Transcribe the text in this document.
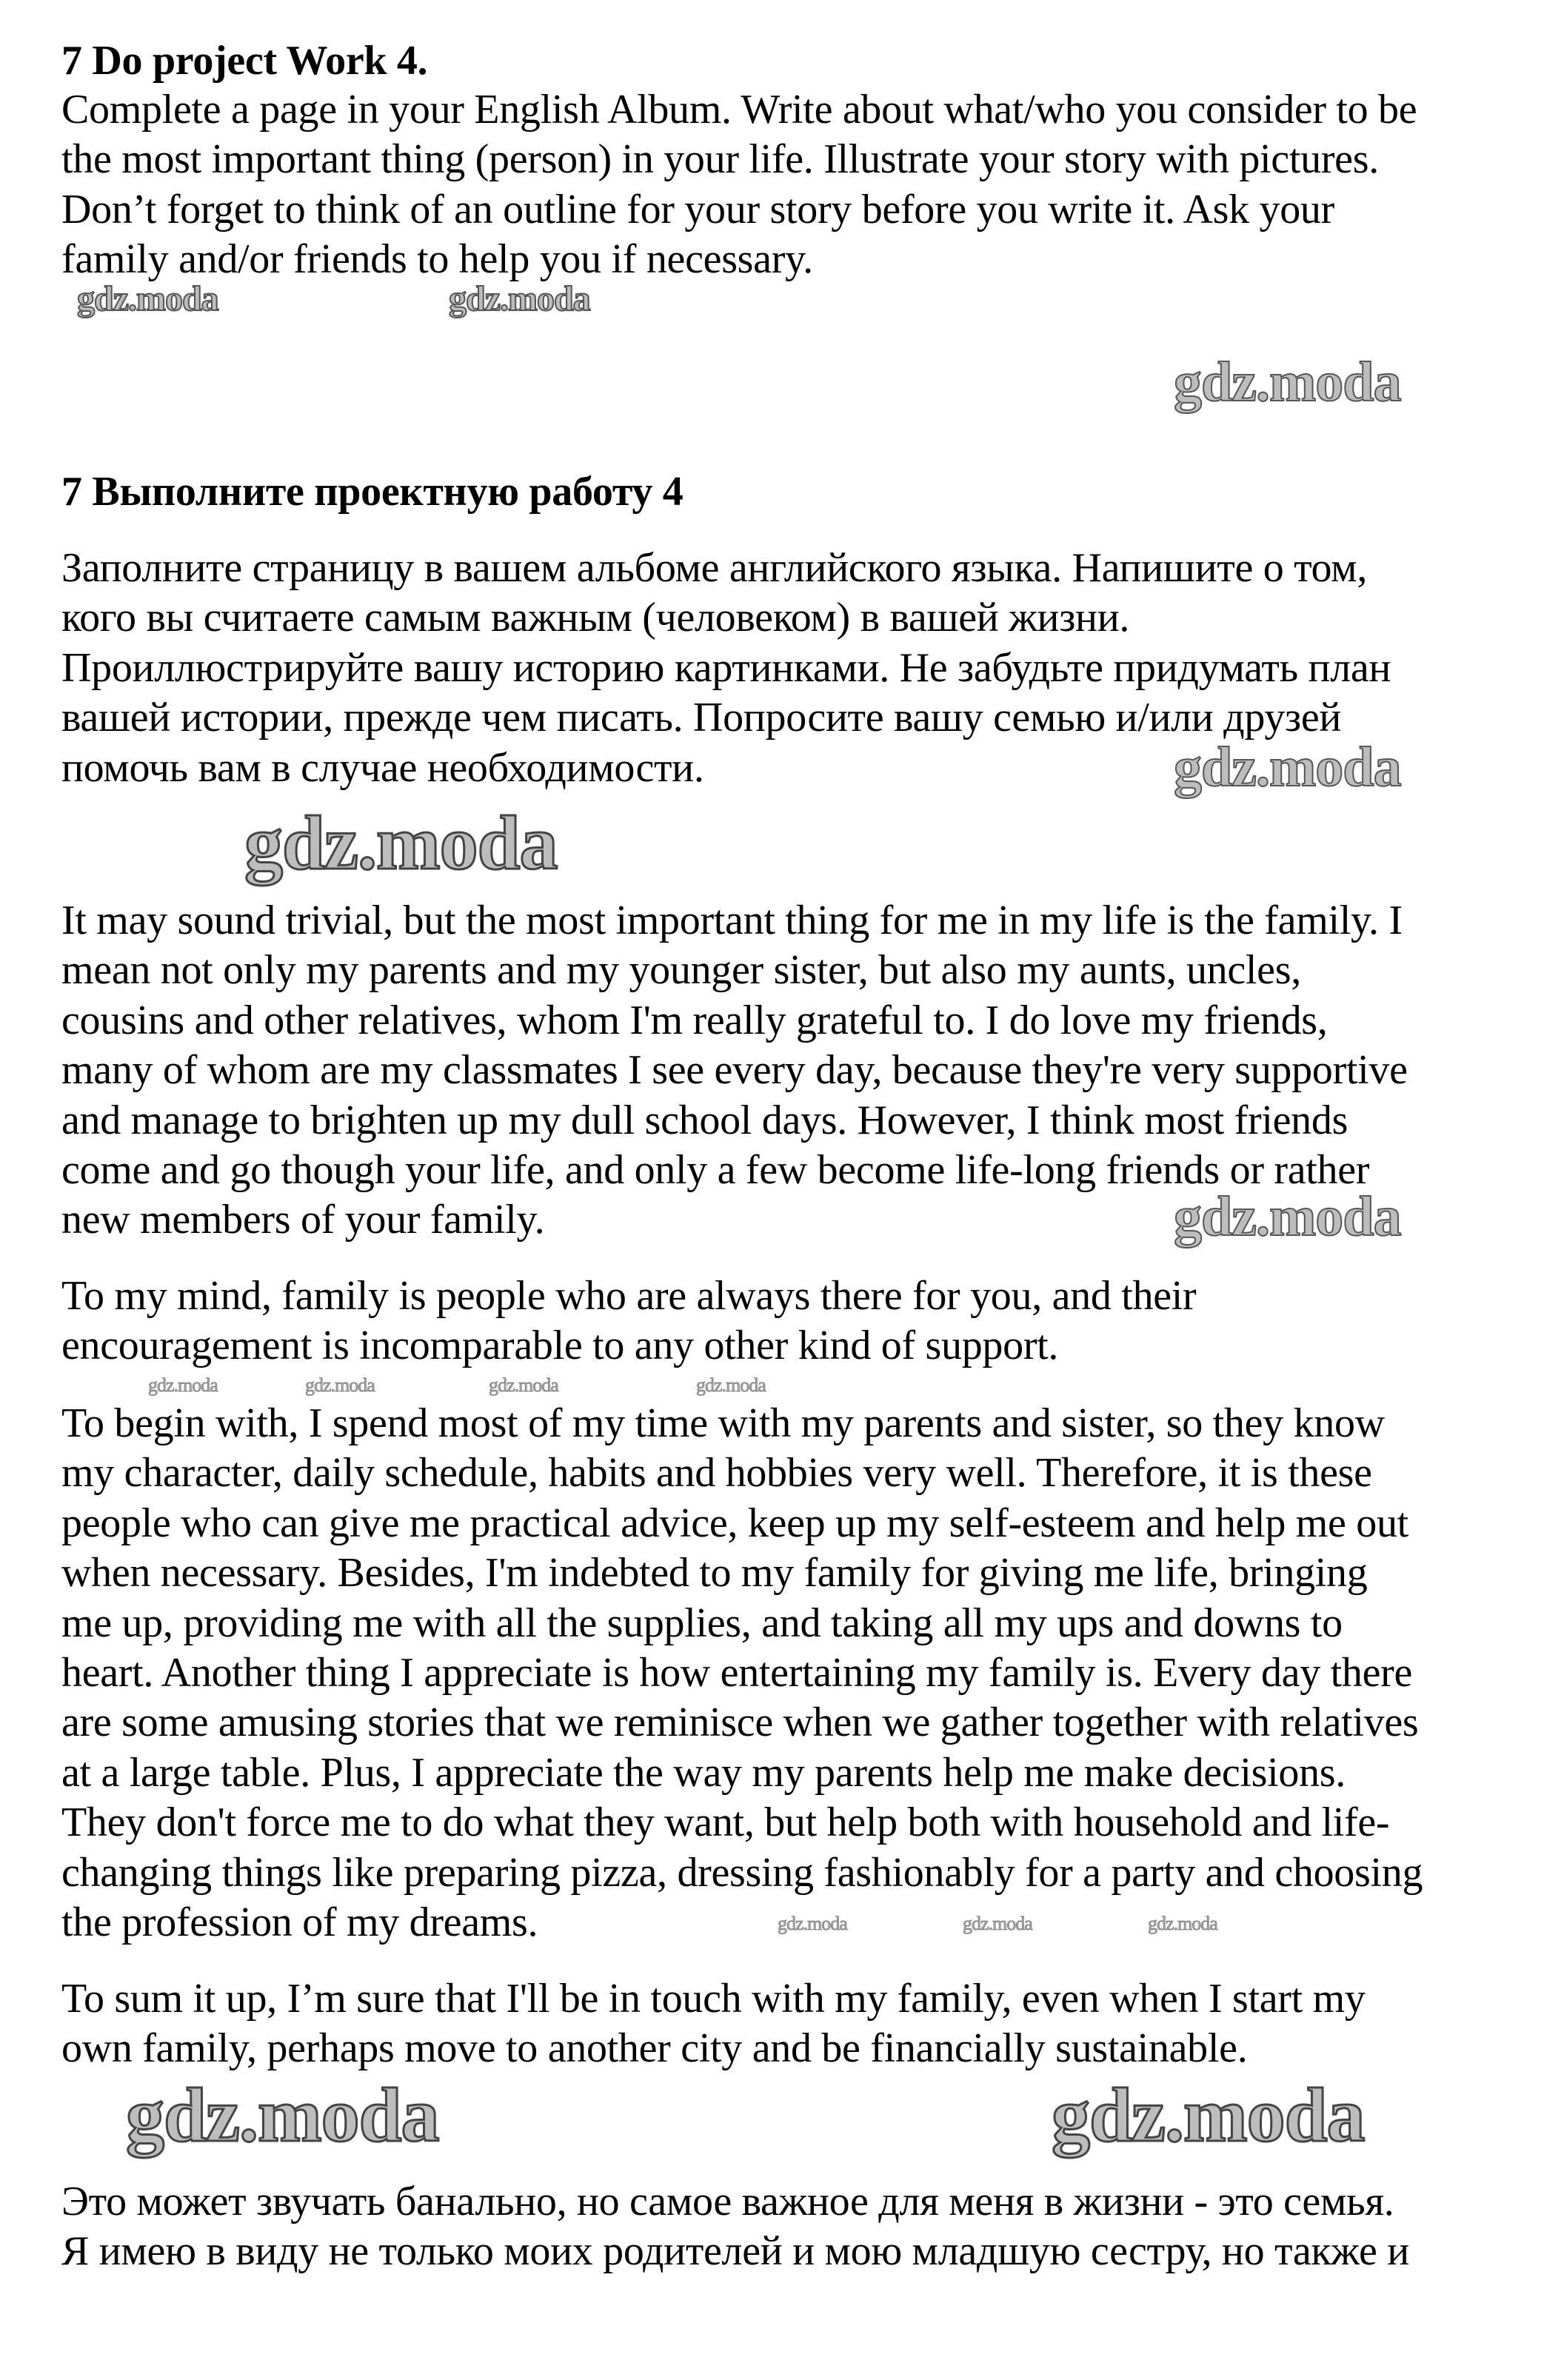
7 Do project Work 4.
Complete a page in your English Album. Write about what/who you consider to be
the most important thing (person) in your life. Illustrate your story with pictures.
Don’t forget to think of an outline for your story before you write it. Ask your
family and/or friends to help you if necessary.
7 Выполните проектную работу 4
Заполните страницу в вашем альбоме английского языка. Напишите о том,
кого вы считаете самым важным (человеком) в вашей жизни.
Проиллюстрируйте вашу историю картинками. Не забудьте придумать план
вашей истории, прежде чем писать. Попросите вашу семью и/или друзей
помочь вам в случае необходимости.
It may sound trivial, but the most important thing for me in my life is the family. I
mean not only my parents and my younger sister, but also my aunts, uncles,
cousins and other relatives, whom I'm really grateful to. I do love my friends,
many of whom are my classmates I see every day, because they're very supportive
and manage to brighten up my dull school days. However, I think most friends
come and go though your life, and only a few become life-long friends or rather
new members of your family.
To my mind, family is people who are always there for you, and their
encouragement is incomparable to any other kind of support.
To begin with, I spend most of my time with my parents and sister, so they know
my character, daily schedule, habits and hobbies very well. Therefore, it is these
people who can give me practical advice, keep up my self-esteem and help me out
when necessary. Besides, I'm indebted to my family for giving me life, bringing
me up, providing me with all the supplies, and taking all my ups and downs to
heart. Another thing I appreciate is how entertaining my family is. Every day there
are some amusing stories that we reminisce when we gather together with relatives
at a large table. Plus, I appreciate the way my parents help me make decisions.
They don't force me to do what they want, but help both with household and life-
changing things like preparing pizza, dressing fashionably for a party and choosing
the profession of my dreams.
To sum it up, I’m sure that I'll be in touch with my family, even when I start my
own family, perhaps move to another city and be financially sustainable.
Это может звучать банально, но самое важное для меня в жизни - это семья.
Я имею в виду не только моих родителей и мою младшую сестру, но также и
gdz.moda	gdz.moda
gdz.moda
gdz.moda
gdz.moda
gdz.moda
gdz.moda	gdz.moda	gdz.moda	gdz.moda
gdz.moda	gdz.moda	gdz.moda
gdz.moda	gdz.moda
